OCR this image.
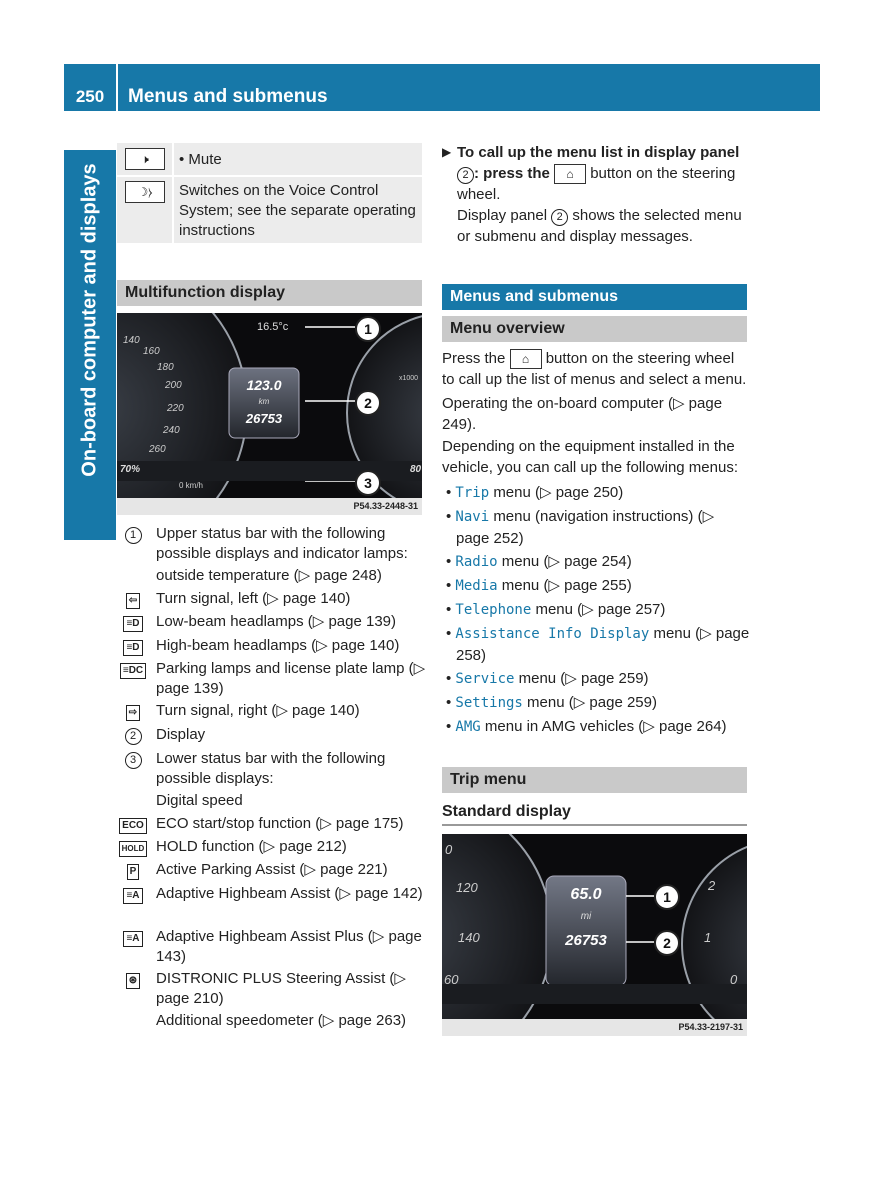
250	Menus and submenus
On-board computer and displays
🕨	• Mute
☽⧽	Switches on the Voice Control System; see the separate operating instructions
Multifunction display
16.5°c
123.0
km
26753
140
160
180
200
220
240
260
70%
0 km/h
80
x1000
1
2
3
P54.33-2448-31
1	Upper status bar with the following possible displays and indicator lamps:
outside temperature (▷ page 248)
⇦	Turn signal, left (▷ page 140)
≡D	Low-beam headlamps (▷ page 139)
≡D	High-beam headlamps (▷ page 140)
≡DC Parking lamps and license plate lamp (▷ page 139)
⇨	Turn signal, right (▷ page 140)
2	Display
3	Lower status bar with the following possible displays:
Digital speed
ECO ECO start/stop function (▷ page 175)
HOLD HOLD function (▷ page 212)
P	Active Parking Assist (▷ page 221)
≡A	Adaptive Highbeam Assist (▷ page 142)
≡A	Adaptive Highbeam Assist Plus (▷ page 143)
⊛	DISTRONIC PLUS Steering Assist (▷ page 210)
Additional speedometer (▷ page 263)
▶ To call up the menu list in display panel 2 : press the ⌂ button on the steering wheel.
Display panel 2 shows the selected menu or submenu and display messages.
Menus and submenus
Menu overview
Press the ⌂ button on the steering wheel to call up the list of menus and select a menu.
Operating the on-board computer (▷ page 249).
Depending on the equipment installed in the vehicle, you can call up the following menus:
• Trip menu (▷ page 250)
• Navi menu (navigation instructions) (▷ page 252)
• Radio menu (▷ page 254)
• Media menu (▷ page 255)
• Telephone menu (▷ page 257)
• Assistance Info Display menu (▷ page 258)
• Service menu (▷ page 259)
• Settings menu (▷ page 259)
• AMG menu in AMG vehicles (▷ page 264)
Trip menu
Standard display
65.0
mi
26753
0
120
140
60
2
1
0
1
2
P54.33-2197-31
